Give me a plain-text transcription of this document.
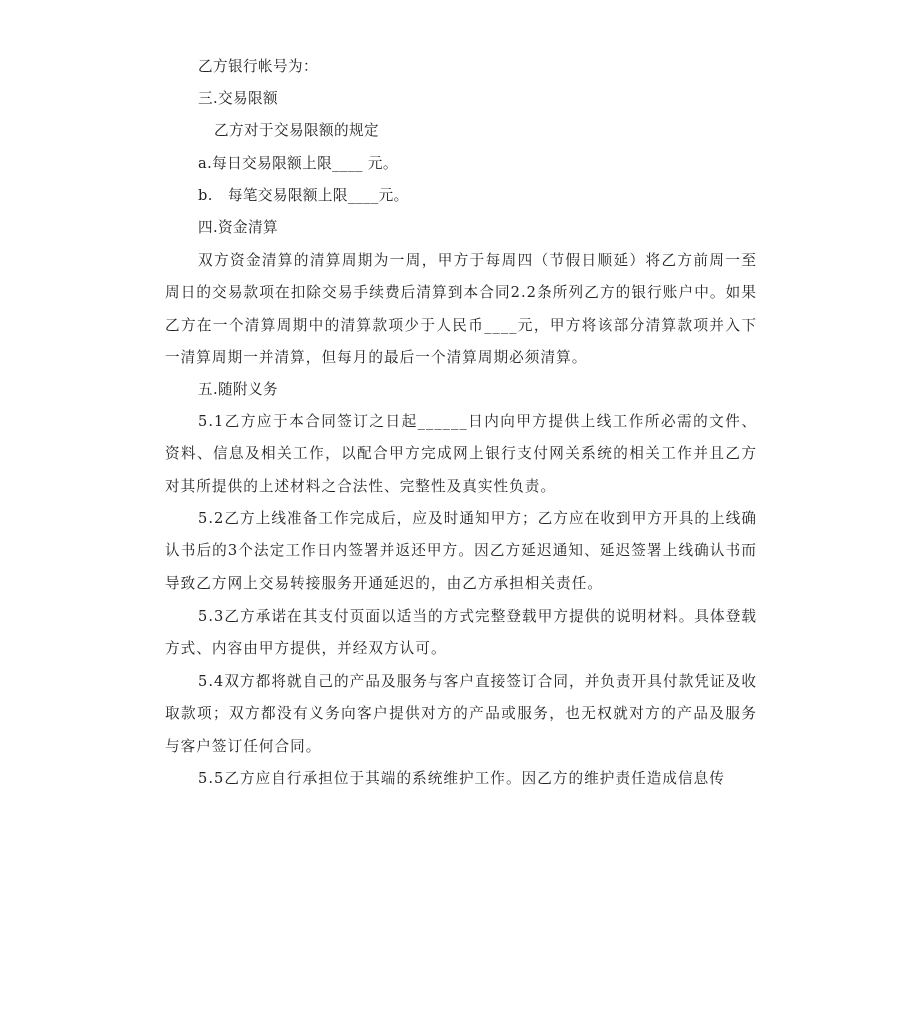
乙方银行帐号为：
三.交易限额
乙方对于交易限额的规定
a.每日交易限额上限____ 元。
b.   每笔交易限额上限____元。
四.资金清算
双方资金清算的清算周期为一周，甲方于每周四（节假日顺延）将乙方前周一至周日的交易款项在扣除交易手续费后清算到本合同2.2条所列乙方的银行账户中。如果乙方在一个清算周期中的清算款项少于人民币____元，甲方将该部分清算款项并入下一清算周期一并清算，但每月的最后一个清算周期必须清算。
五.随附义务
5.1乙方应于本合同签订之日起______日内向甲方提供上线工作所必需的文件、资料、信息及相关工作，以配合甲方完成网上银行支付网关系统的相关工作并且乙方对其所提供的上述材料之合法性、完整性及真实性负责。
5.2乙方上线准备工作完成后，应及时通知甲方；乙方应在收到甲方开具的上线确认书后的3个法定工作日内签署并返还甲方。因乙方延迟通知、延迟签署上线确认书而导致乙方网上交易转接服务开通延迟的，由乙方承担相关责任。
5.3乙方承诺在其支付页面以适当的方式完整登载甲方提供的说明材料。具体登载方式、内容由甲方提供，并经双方认可。
5.4双方都将就自己的产品及服务与客户直接签订合同，并负责开具付款凭证及收取款项；双方都没有义务向客户提供对方的产品或服务，也无权就对方的产品及服务与客户签订任何合同。
5.5乙方应自行承担位于其端的系统维护工作。因乙方的维护责任造成信息传
